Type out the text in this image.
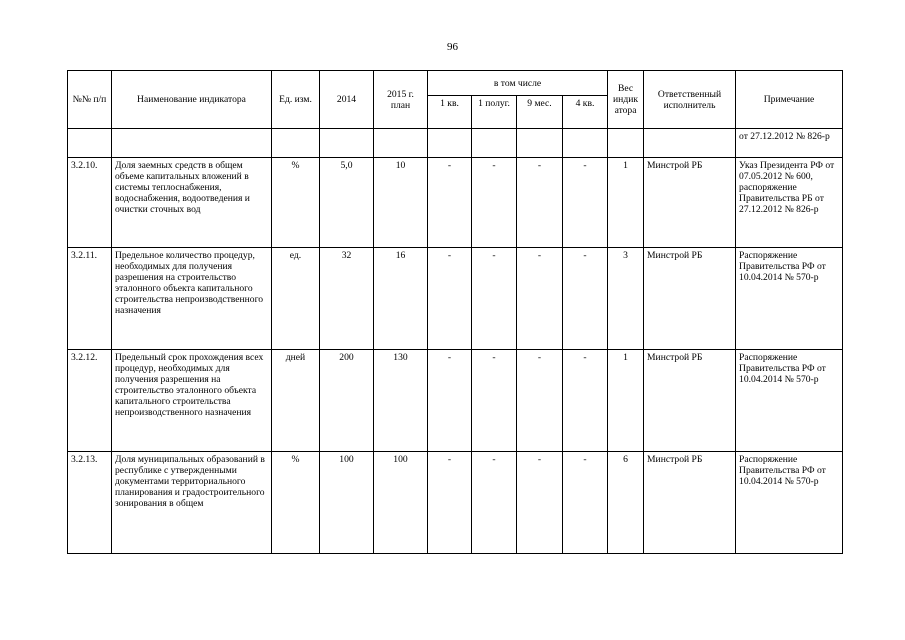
96
№№ п/п	Наименование индикатора	Ед. изм.	2014	2015 г. план	в том числе				Вес индик атора	Ответственный исполнитель	Примечание
					1 кв.	1 полуг.	9 мес.	4 кв.			
											от 27.12.2012 № 826-р
3.2.10.	Доля заемных средств в общем объеме капитальных вложений в системы теплоснабжения, водоснабжения, водоотведения и очистки сточных вод	%	5,0	10	-	-	-	-	1	Минстрой РБ	Указ Президента РФ от 07.05.2012 № 600, распоряжение Правительства РБ от 27.12.2012 № 826-р
3.2.11.	Предельное количество процедур, необходимых для получения разрешения на строительство эталонного объекта капитального строительства непроизводственного назначения	ед.	32	16	-	-	-	-	3	Минстрой РБ	Распоряжение Правительства РФ от 10.04.2014 № 570-р
3.2.12.	Предельный срок прохождения всех процедур, необходимых для получения разрешения на строительство эталонного объекта капитального строительства непроизводственного назначения	дней	200	130	-	-	-	-	1	Минстрой РБ	Распоряжение Правительства РФ от 10.04.2014 № 570-р
3.2.13.	Доля муниципальных образований в республике с утвержденными документами территориального планирования и градостроительного зонирования в общем	%	100	100	-	-	-	-	6	Минстрой РБ	Распоряжение Правительства РФ от 10.04.2014 № 570-р
